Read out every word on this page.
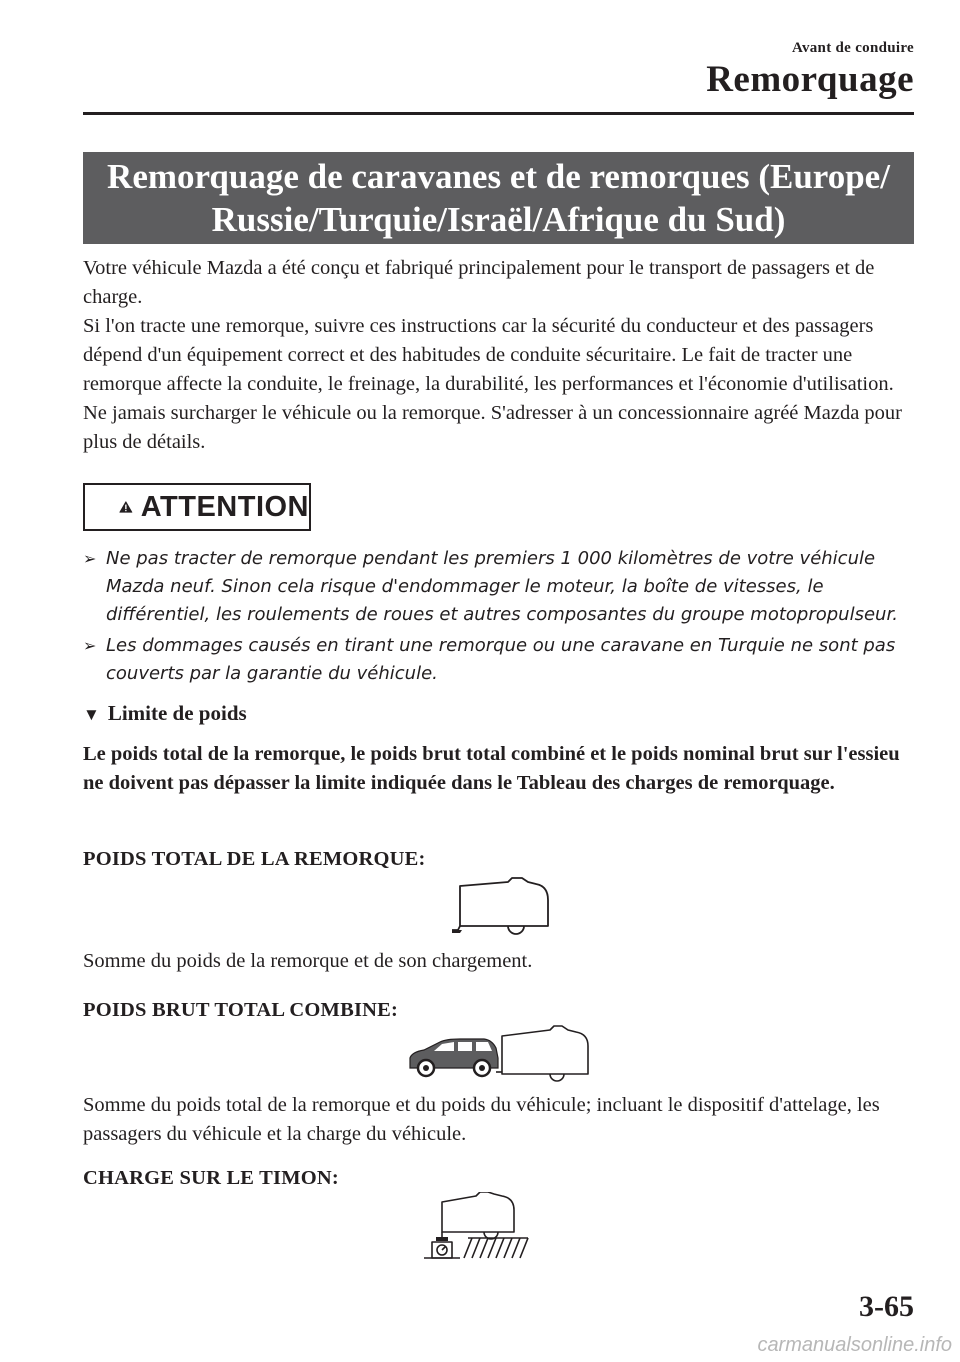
Avant de conduire
Remorquage
Remorquage de caravanes et de remorques (Europe/
Russie/Turquie/Israël/Afrique du Sud)

Votre véhicule Mazda a été conçu et fabriqué principalement pour le transport de passagers et de charge.

Si l'on tracte une remorque, suivre ces instructions car la sécurité du conducteur et des passagers dépend d'un équipement correct et des habitudes de conduite sécuritaire. Le fait de tracter une remorque affecte la conduite, le freinage, la durabilité, les performances et l'économie d'utilisation.

Ne jamais surcharger le véhicule ou la remorque. S'adresser à un concessionnaire agréé Mazda pour plus de détails.

ATTENTION
➢ Ne pas tracter de remorque pendant les premiers 1 000 kilomètres de votre véhicule Mazda neuf. Sinon cela risque d'endommager le moteur, la boîte de vitesses, le différentiel, les roulements de roues et autres composantes du groupe motopropulseur.
➢ Les dommages causés en tirant une remorque ou une caravane en Turquie ne sont pas couverts par la garantie du véhicule.
▼ Limite de poids
Le poids total de la remorque, le poids brut total combiné et le poids nominal brut sur l'essieu ne doivent pas dépasser la limite indiquée dans le Tableau des charges de remorquage.
POIDS TOTAL DE LA REMORQUE:
Somme du poids de la remorque et de son chargement.
POIDS BRUT TOTAL COMBINE:
Somme du poids total de la remorque et du poids du véhicule; incluant le dispositif d'attelage, les passagers du véhicule et la charge du véhicule.
CHARGE SUR LE TIMON:
3-65
carmanualsonline.info
